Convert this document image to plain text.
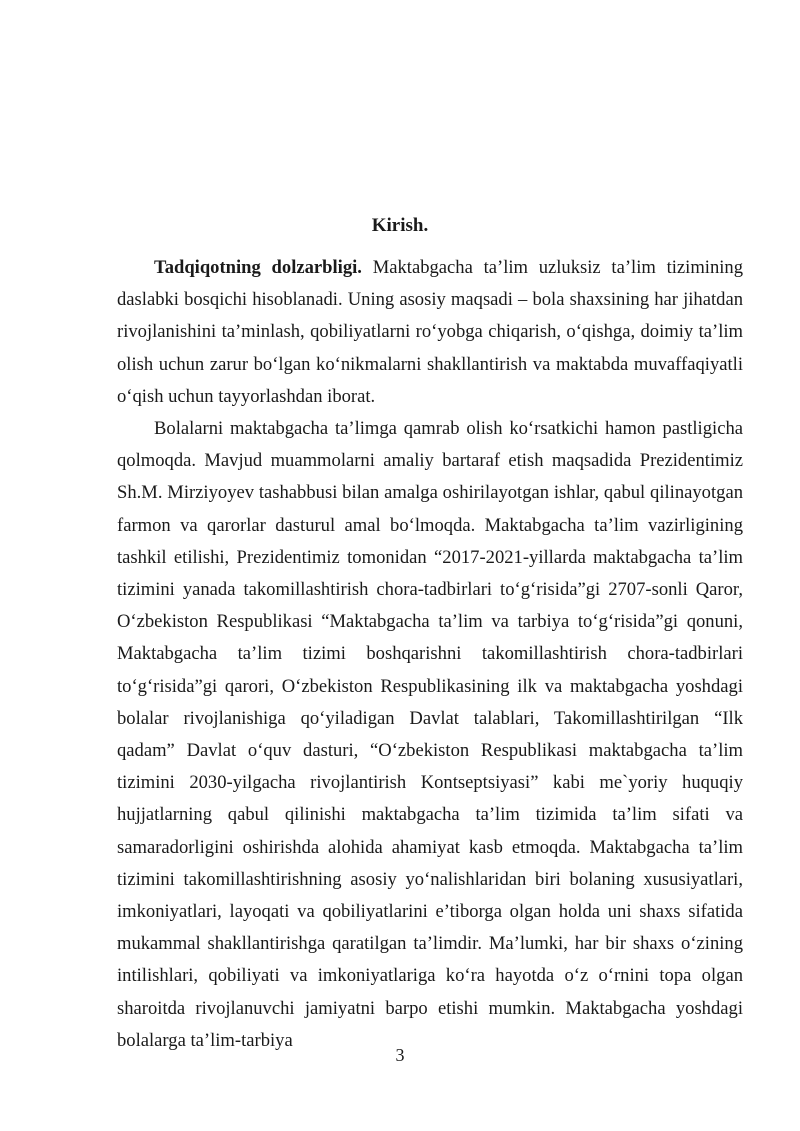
Kirish.

Tadqiqotning dolzarbligi. Maktabgacha ta’lim uzluksiz ta’lim tizimining daslabki bosqichi hisoblanadi. Uning asosiy maqsadi – bola shaxsining har jihatdan rivojlanishini ta’minlash, qobiliyatlarni ro‘yobga chiqarish, o‘qishga, doimiy ta’lim olish uchun zarur bo‘lgan ko‘nikmalarni shakllantirish va maktabda muvaffaqiyatli o‘qish uchun tayyorlashdan iborat.

Bolalarni maktabgacha ta’limga qamrab olish ko‘rsatkichi hamon pastligicha qolmoqda. Mavjud muammolarni amaliy bartaraf etish maqsadida Prezidentimiz Sh.M. Mirziyoyev tashabbusi bilan amalga oshirilayotgan ishlar, qabul qilinayotgan farmon va qarorlar dasturul amal bo‘lmoqda. Maktabgacha ta’lim vazirligining tashkil etilishi, Prezidentimiz tomonidan “2017-2021-yillarda maktabgacha ta’lim tizimini yanada takomillashtirish chora-tadbirlari to‘g‘risida”gi 2707-sonli Qaror, O‘zbekiston Respublikasi “Maktabgacha ta’lim va tarbiya to‘g‘risida”gi qonuni, Maktabgacha ta’lim tizimi boshqarishni takomillashtirish chora-tadbirlari to‘g‘risida”gi qarori, O‘zbekiston Respublikasining ilk va maktabgacha yoshdagi bolalar rivojlanishiga qo‘yiladigan Davlat talablari, Takomillashtirilgan “Ilk qadam” Davlat o‘quv dasturi, “O‘zbekiston Respublikasi maktabgacha ta’lim tizimini 2030-yilgacha rivojlantirish Kontseptsiyasi” kabi me`yoriy huquqiy hujjatlarning qabul qilinishi maktabgacha ta’lim tizimida ta’lim sifati va samaradorligini oshirishda alohida ahamiyat kasb etmoqda. Maktabgacha ta’lim tizimini takomillashtirishning asosiy yo‘nalishlaridan biri bolaning xususiyatlari, imkoniyatlari, layoqati va qobiliyatlarini e’tiborga olgan holda uni shaxs sifatida mukammal shakllantirishga qaratilgan ta’limdir. Ma’lumki, har bir shaxs o‘zining intilishlari, qobiliyati va imkoniyatlariga ko‘ra hayotda o‘z o‘rnini topa olgan sharoitda rivojlanuvchi jamiyatni barpo etishi mumkin. Maktabgacha yoshdagi bolalarga ta’lim-tarbiya

3
